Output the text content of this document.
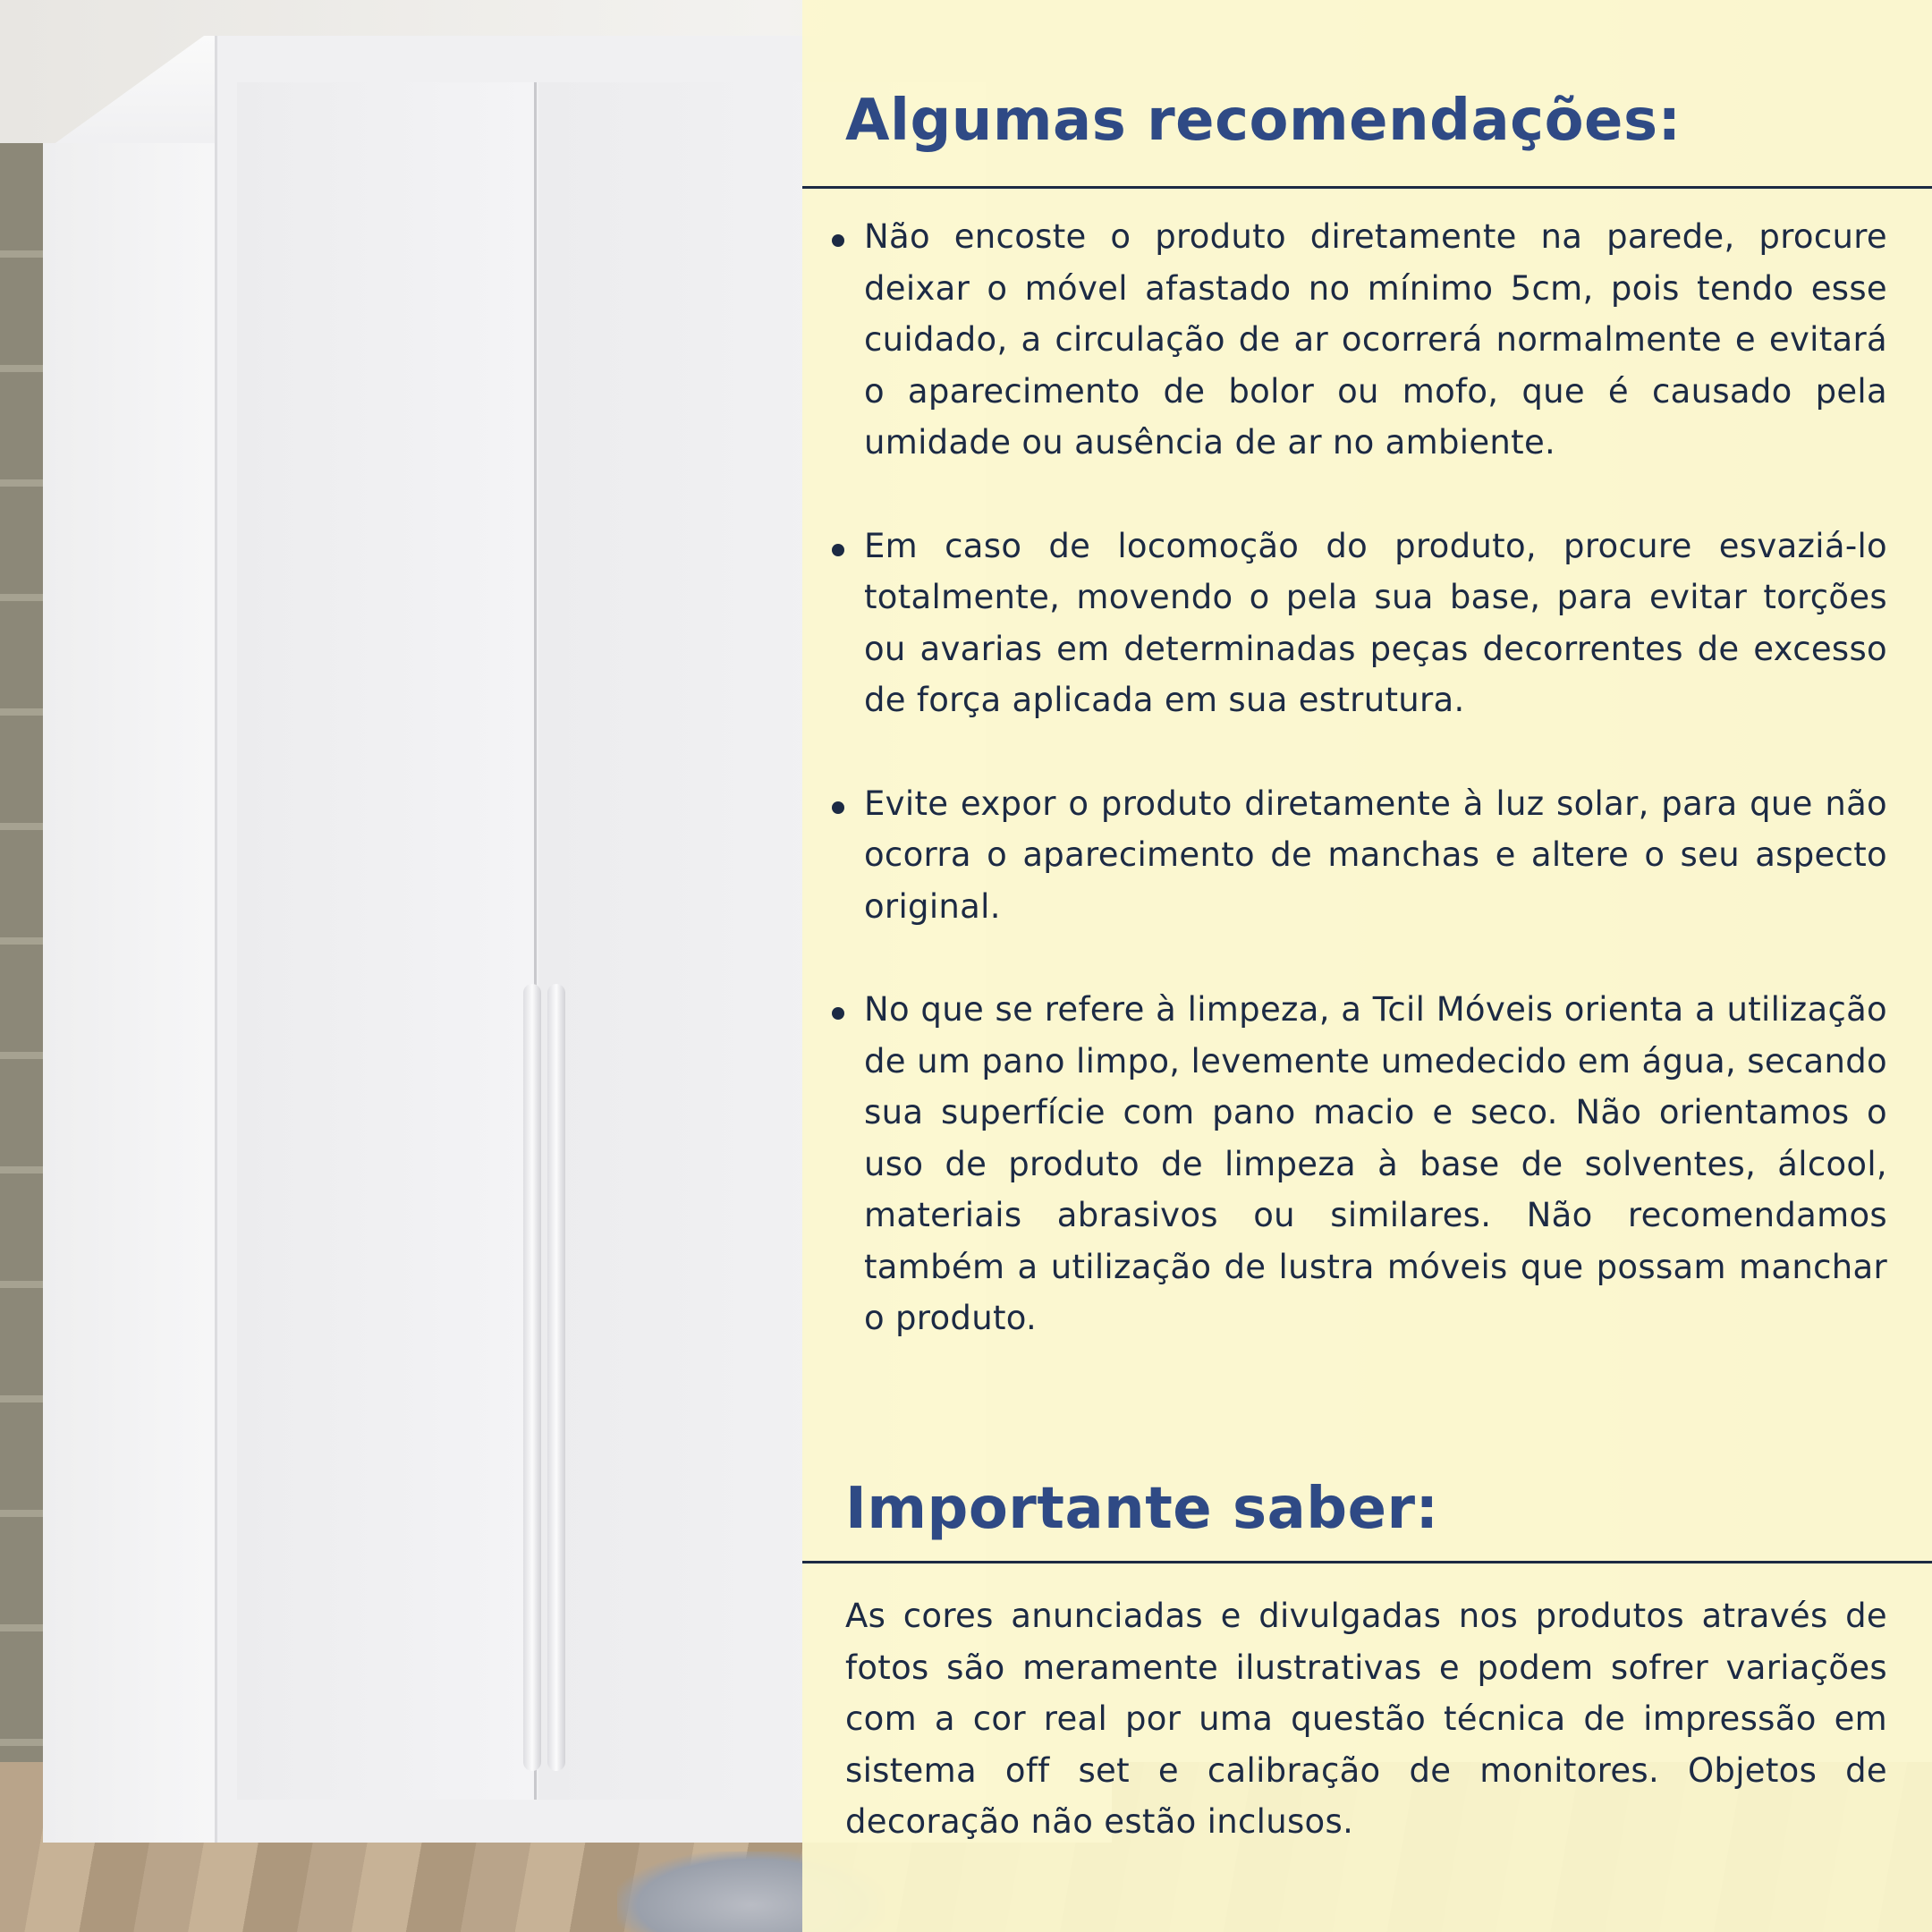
Algumas recomendações:
Não encoste o produto diretamente na parede, procure deixar o móvel afastado no mínimo 5cm, pois tendo esse cuidado, a circulação de ar ocorrerá normalmente e evitará o aparecimento de bolor ou mofo, que é causado pela umidade ou ausência de ar no ambiente.
Em caso de locomoção do produto, procure esvaziá-lo totalmente, movendo o pela sua base, para evitar torções ou avarias em determinadas peças decorrentes de excesso de força aplicada em sua estrutura.
Evite expor o produto diretamente à luz solar, para que não ocorra o aparecimento de manchas e altere o seu aspecto original.
No que se refere à limpeza, a Tcil Móveis orienta a utilização de um pano limpo, levemente umedecido em água, secando sua superfície com pano macio e seco. Não orientamos o uso de produto de limpeza à base de solventes, álcool, materiais abrasivos ou similares. Não recomendamos também a utilização de lustra móveis que possam manchar o produto.
Importante saber:

As cores anunciadas e divulgadas nos produtos através de fotos são meramente ilustrativas e podem sofrer variações com a cor real por uma questão técnica de impressão em sistema off set e calibração de monitores. Objetos de decoração não estão inclusos.
